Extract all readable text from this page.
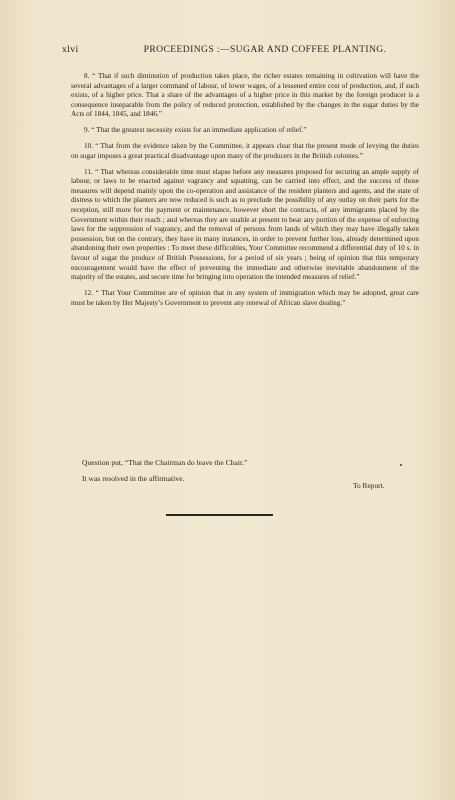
xlvi	PROCEEDINGS :—SUGAR AND COFFEE PLANTING.

8. “ That if such diminution of production takes place, the richer estates remaining in cultivation will have the several advantages of a larger command of labour, of lower wages, of a lessened entire cost of production, and, if such exists, of a higher price. That a share of the advantages of a higher price in this market by the foreign producer is a consequence inseparable from the policy of reduced protection, established by the changes in the sugar duties by the Acts of 1844, 1845, and 1846.”

9. “ That the greatest necessity exists for an immediate application of relief.”

10. “ That from the evidence taken by the Committee, it appears clear that the present mode of levying the duties on sugar imposes a great practical disadvantage upon many of the producers in the British colonies.”

11. “ That whereas considerable time must elapse before any measures proposed for securing an ample supply of labour, or laws to be enacted against vagrancy and squatting, can be carried into effect, and the success of those measures will depend mainly upon the co-operation and assistance of the resident planters and agents, and the state of distress to which the planters are now reduced is such as to preclude the possibility of any outlay on their parts for the reception, still more for the payment or maintenance, however short the contracts, of any immigrants placed by the Government within their reach ; and whereas they are unable at present to bear any portion of the expense of enforcing laws for the suppression of vagrancy, and the removal of persons from lands of which they may have illegally taken possession, but on the contrary, they have in many instances, in order to prevent further loss, already determined upon abandoning their own properties : To meet these difficulties, Your Committee recommend a differential duty of 10 s. in favour of sugar the produce of British Possessions, for a period of six years ; being of opinion that this temporary encouragement would have the effect of preventing the immediate and otherwise inevitable abandonment of the majority of the estates, and secure time for bringing into operation the intended measures of relief.”

12. “ That Your Committee are of opinion that in any system of immigration which may be adopted, great care must be taken by Her Majesty’s Government to prevent any renewal of African slave dealing.”

Question put, “That the Chairman do leave the Chair.”
It was resolved in the affirmative.
To Report.
